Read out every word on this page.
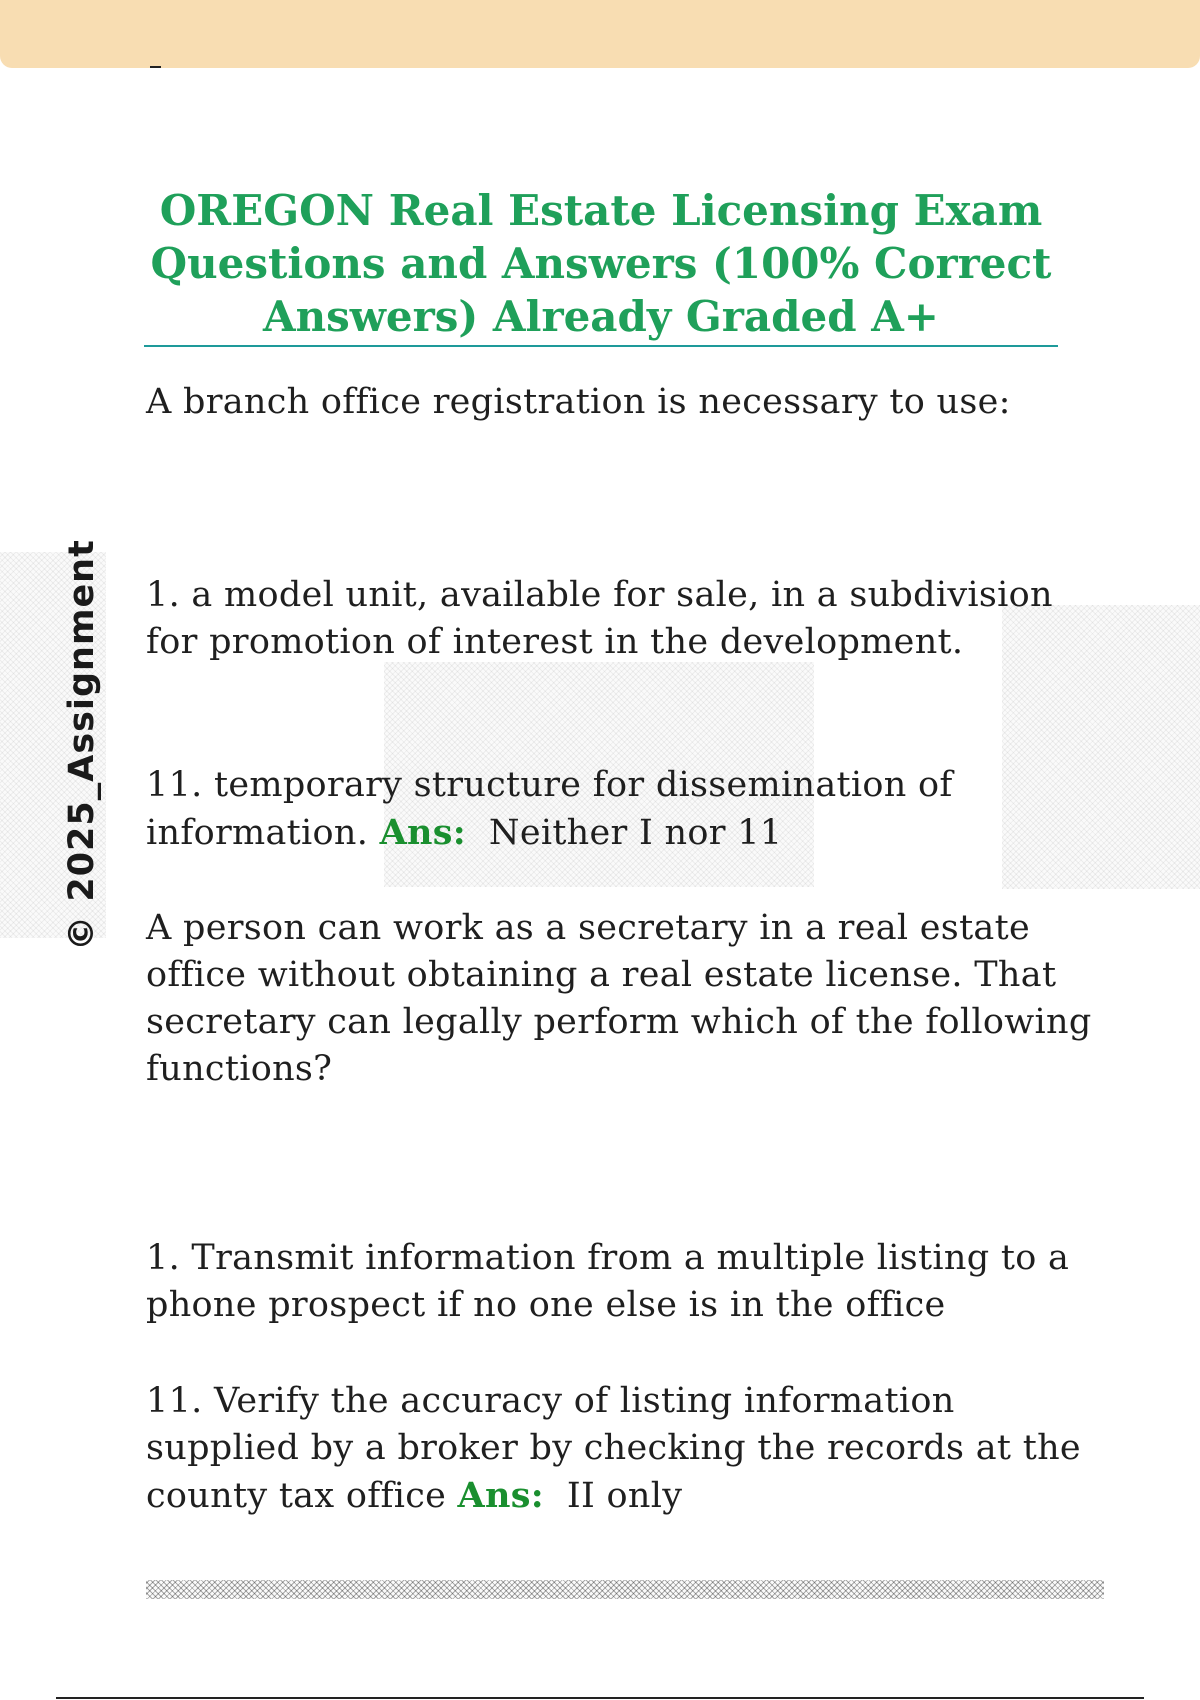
© 2025_Assignment
OREGON Real Estate Licensing Exam Questions and Answers (100% Correct Answers) Already Graded A+

A branch office registration is necessary to use:

1. a model unit, available for sale, in a subdivision for promotion of interest in the development.

11. temporary structure for dissemination of information. Ans: Neither I nor 11

A person can work as a secretary in a real estate office without obtaining a real estate license. That secretary can legally perform which of the following functions?

1. Transmit information from a multiple listing to a phone prospect if no one else is in the office

11. Verify the accuracy of listing information supplied by a broker by checking the records at the county tax office Ans: II only
